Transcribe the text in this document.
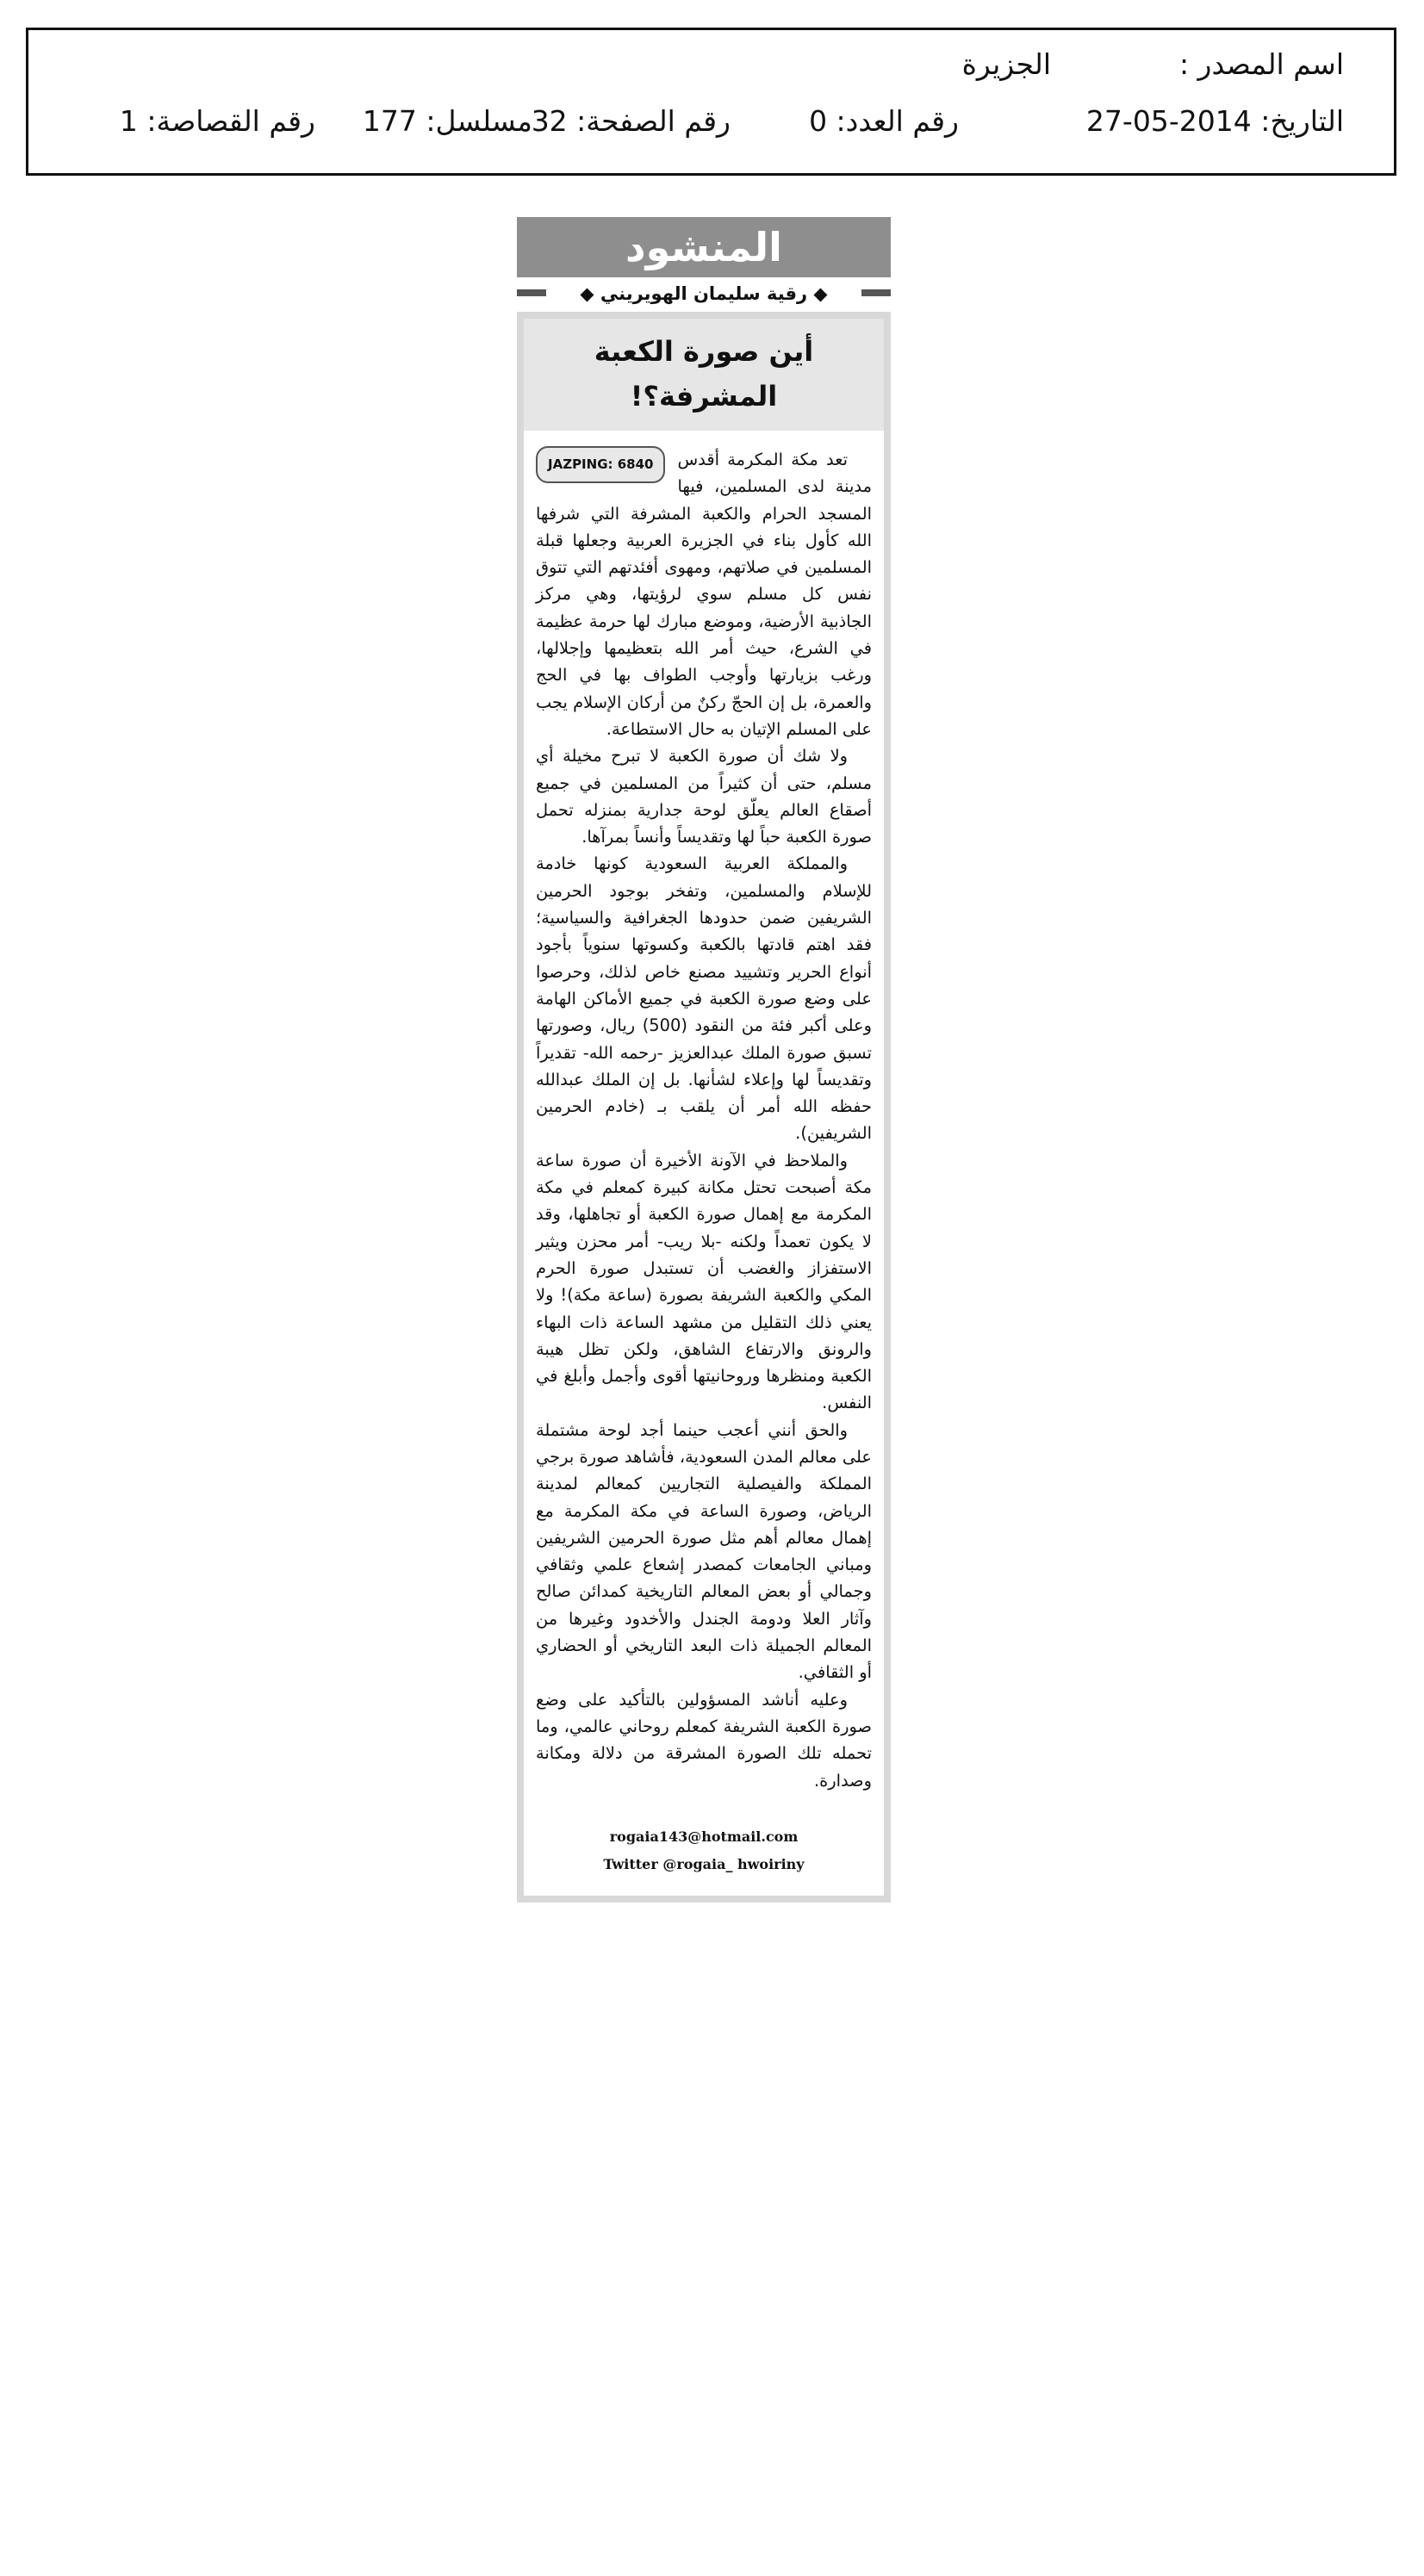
اسم المصدر :
الجزيرة
التاريخ: 2014-05-27
رقم العدد: 0
رقم الصفحة: 32
مسلسل: 177
رقم القصاصة: 1
المنشود
◆ رقية سليمان الهويريني ◆
أين صورة الكعبة
المشرفة؟!
JAZPING: 6840	تعد مكة المكرمة أقدس مدينة لدى المسلمين، فيها المسجد الحرام والكعبة المشرفة التي شرفها الله كأول بناء في الجزيرة العربية وجعلها قبلة المسلمين في صلاتهم، ومهوى أفئدتهم التي تتوق نفس كل مسلم سوي لرؤيتها، وهي مركز الجاذبية الأرضية، وموضع مبارك لها حرمة عظيمة في الشرع، حيث أمر الله بتعظيمها وإجلالها، ورغب بزيارتها وأوجب الطواف بها في الحج والعمرة، بل إن الحجّ ركنٌ من أركان الإسلام يجب على المسلم الإتيان به حال الاستطاعة.

ولا شك أن صورة الكعبة لا تبرح مخيلة أي مسلم، حتى أن كثيراً من المسلمين في جميع أصقاع العالم يعلّق لوحة جدارية بمنزله تحمل صورة الكعبة حباً لها وتقديساً وأنساً بمرآها.

والمملكة العربية السعودية كونها خادمة للإسلام والمسلمين، وتفخر بوجود الحرمين الشريفين ضمن حدودها الجغرافية والسياسية؛ فقد اهتم قادتها بالكعبة وكسوتها سنوياً بأجود أنواع الحرير وتشييد مصنع خاص لذلك، وحرصوا على وضع صورة الكعبة في جميع الأماكن الهامة وعلى أكبر فئة من النقود (500) ريال، وصورتها تسبق صورة الملك عبدالعزيز -رحمه الله- تقديراً وتقديساً لها وإعلاء لشأنها. بل إن الملك عبدالله حفظه الله أمر أن يلقب بـ (خادم الحرمين الشريفين).

والملاحظ في الآونة الأخيرة أن صورة ساعة مكة أصبحت تحتل مكانة كبيرة كمعلم في مكة المكرمة مع إهمال صورة الكعبة أو تجاهلها، وقد لا يكون تعمداً ولكنه -بلا ريب- أمر محزن ويثير الاستفزاز والغضب أن تستبدل صورة الحرم المكي والكعبة الشريفة بصورة (ساعة مكة)! ولا يعني ذلك التقليل من مشهد الساعة ذات البهاء والرونق والارتفاع الشاهق، ولكن تظل هيبة الكعبة ومنظرها وروحانيتها أقوى وأجمل وأبلغ في النفس.

والحق أنني أعجب حينما أجد لوحة مشتملة على معالم المدن السعودية، فأشاهد صورة برجي المملكة والفيصلية التجاريين كمعالم لمدينة الرياض، وصورة الساعة في مكة المكرمة مع إهمال معالم أهم مثل صورة الحرمين الشريفين ومباني الجامعات كمصدر إشعاع علمي وثقافي وجمالي أو بعض المعالم التاريخية كمدائن صالح وآثار العلا ودومة الجندل والأخدود وغيرها من المعالم الجميلة ذات البعد التاريخي أو الحضاري أو الثقافي.

وعليه أناشد المسؤولين بالتأكيد على وضع صورة الكعبة الشريفة كمعلم روحاني عالمي، وما تحمله تلك الصورة المشرقة من دلالة ومكانة وصدارة.

rogaia143@hotmail.com
Twitter @rogaia_ hwoiriny
